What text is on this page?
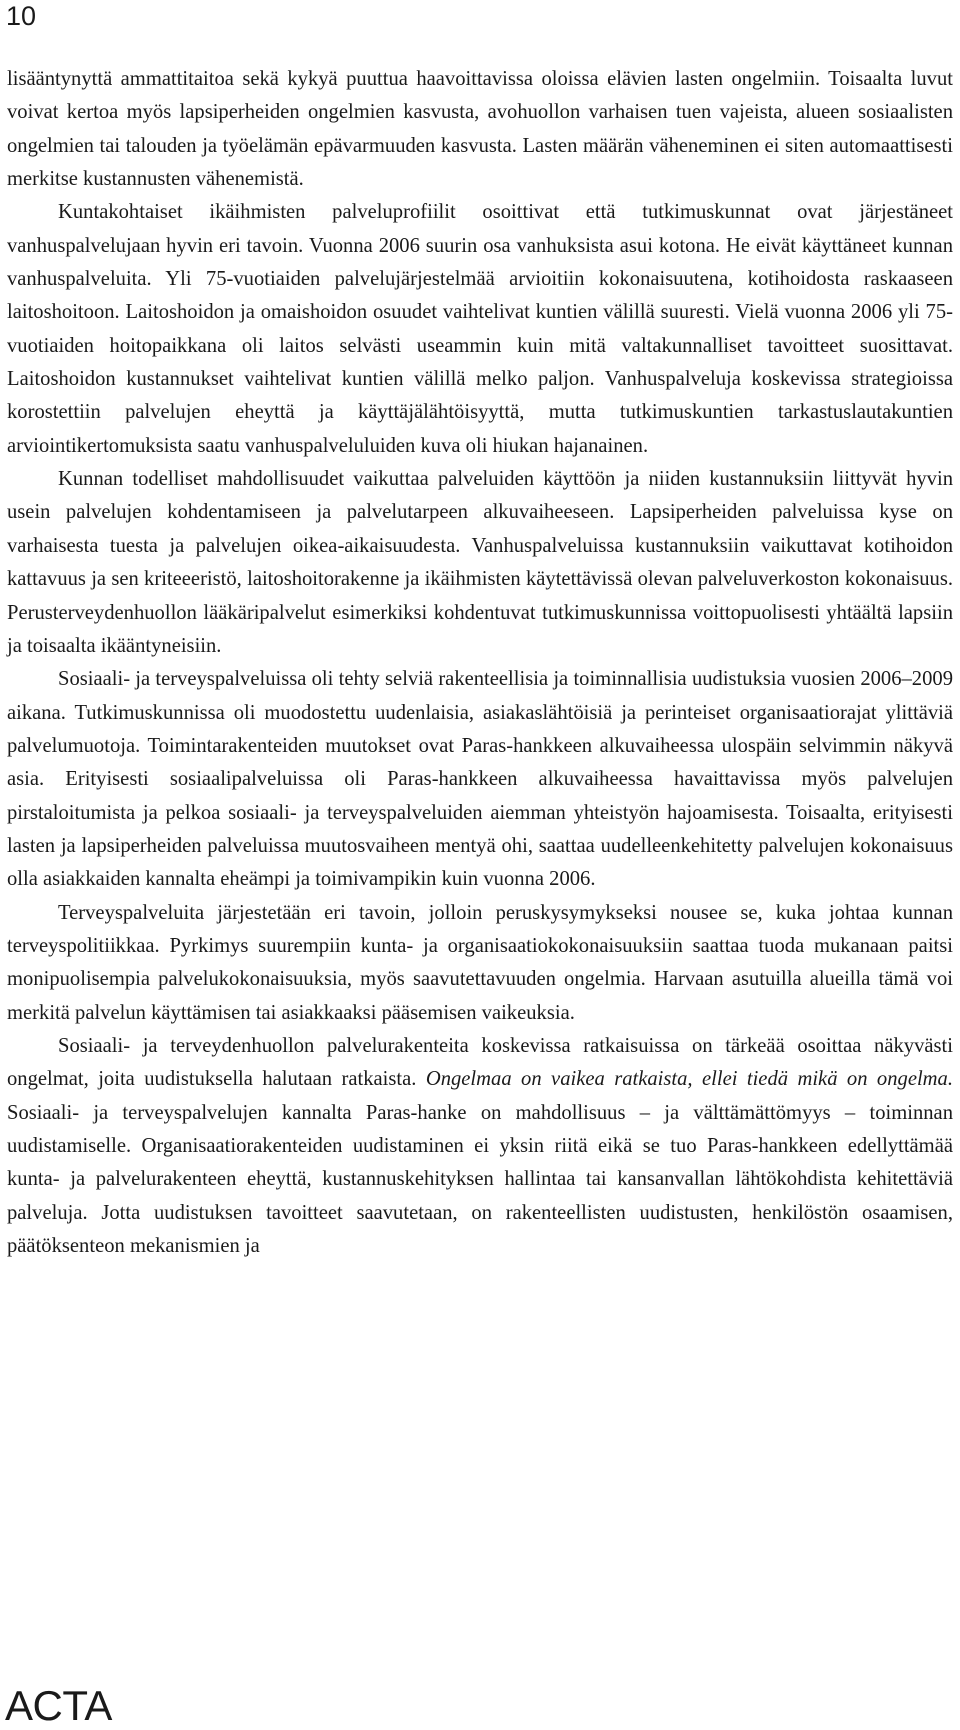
10

lisääntynyttä ammattitaitoa sekä kykyä puuttua haavoittavissa oloissa elävien lasten ongelmiin. Toisaalta luvut voivat kertoa myös lapsiperheiden ongelmien kasvusta, avohuollon varhaisen tuen vajeista, alueen sosiaalisten ongelmien tai talouden ja työelämän epävarmuuden kasvusta. Lasten määrän väheneminen ei siten automaattisesti merkitse kustannusten vähenemistä.

Kuntakohtaiset ikäihmisten palveluprofiilit osoittivat että tutkimuskunnat ovat järjestäneet vanhuspalvelujaan hyvin eri tavoin. Vuonna 2006 suurin osa vanhuksista asui kotona. He eivät käyttäneet kunnan vanhuspalveluita. Yli 75-vuotiaiden palvelujärjestelmää arvioitiin kokonaisuutena, kotihoidosta raskaaseen laitoshoitoon. Laitoshoidon ja omaishoidon osuudet vaihtelivat kuntien välillä suuresti. Vielä vuonna 2006 yli 75-vuotiaiden hoitopaikkana oli laitos selvästi useammin kuin mitä valtakunnalliset tavoitteet suosittavat. Laitoshoidon kustannukset vaihtelivat kuntien välillä melko paljon. Vanhuspalveluja koskevissa strategioissa korostettiin palvelujen eheyttä ja käyttäjälähtöisyyttä, mutta tutkimuskuntien tarkastuslautakuntien arviointikertomuksista saatu vanhuspalveluluiden kuva oli hiukan hajanainen.

Kunnan todelliset mahdollisuudet vaikuttaa palveluiden käyttöön ja niiden kustannuksiin liittyvät hyvin usein palvelujen kohdentamiseen ja palvelutarpeen alkuvaiheeseen. Lapsiperheiden palveluissa kyse on varhaisesta tuesta ja palvelujen oikea-aikaisuudesta. Vanhuspalveluissa kustannuksiin vaikuttavat kotihoidon kattavuus ja sen kriteeeristö, laitoshoitorakenne ja ikäihmisten käytettävissä olevan palveluverkoston kokonaisuus. Perusterveydenhuollon lääkäripalvelut esimerkiksi kohdentuvat tutkimuskunnissa voittopuolisesti yhtäältä lapsiin ja toisaalta ikääntyneisiin.

Sosiaali- ja terveyspalveluissa oli tehty selviä rakenteellisia ja toiminnallisia uudistuksia vuosien 2006–2009 aikana. Tutkimuskunnissa oli muodostettu uudenlaisia, asiakaslähtöisiä ja perinteiset organisaatiorajat ylittäviä palvelumuotoja. Toimintarakenteiden muutokset ovat Paras-hankkeen alkuvaiheessa ulospäin selvimmin näkyvä asia. Erityisesti sosiaalipalveluissa oli Paras-hankkeen alkuvaiheessa havaittavissa myös palvelujen pirstaloitumista ja pelkoa sosiaali- ja terveyspalveluiden aiemman yhteistyön hajoamisesta. Toisaalta, erityisesti lasten ja lapsiperheiden palveluissa muutosvaiheen mentyä ohi, saattaa uudelleenkehitetty palvelujen kokonaisuus olla asiakkaiden kannalta eheämpi ja toimivampikin kuin vuonna 2006.

Terveyspalveluita järjestetään eri tavoin, jolloin peruskysymykseksi nousee se, kuka johtaa kunnan terveyspolitiikkaa. Pyrkimys suurempiin kunta- ja organisaatiokokonaisuuksiin saattaa tuoda mukanaan paitsi monipuolisempia palvelukokonaisuuksia, myös saavutettavuuden ongelmia. Harvaan asutuilla alueilla tämä voi merkitä palvelun käyttämisen tai asiakkaaksi pääsemisen vaikeuksia.

Sosiaali- ja terveydenhuollon palvelurakenteita koskevissa ratkaisuissa on tärkeää osoittaa näkyvästi ongelmat, joita uudistuksella halutaan ratkaista. Ongelmaa on vaikea ratkaista, ellei tiedä mikä on ongelma. Sosiaali- ja terveyspalvelujen kannalta Paras-hanke on mahdollisuus – ja välttämättömyys – toiminnan uudistamiselle. Organisaatiorakenteiden uudistaminen ei yksin riitä eikä se tuo Paras-hankkeen edellyttämää kunta- ja palvelurakenteen eheyttä, kustannuskehityksen hallintaa tai kansanvallan lähtökohdista kehitettäviä palveluja. Jotta uudistuksen tavoitteet saavutetaan, on rakenteellisten uudistusten, henkilöstön osaamisen, päätöksenteon mekanismien ja

ACTA
